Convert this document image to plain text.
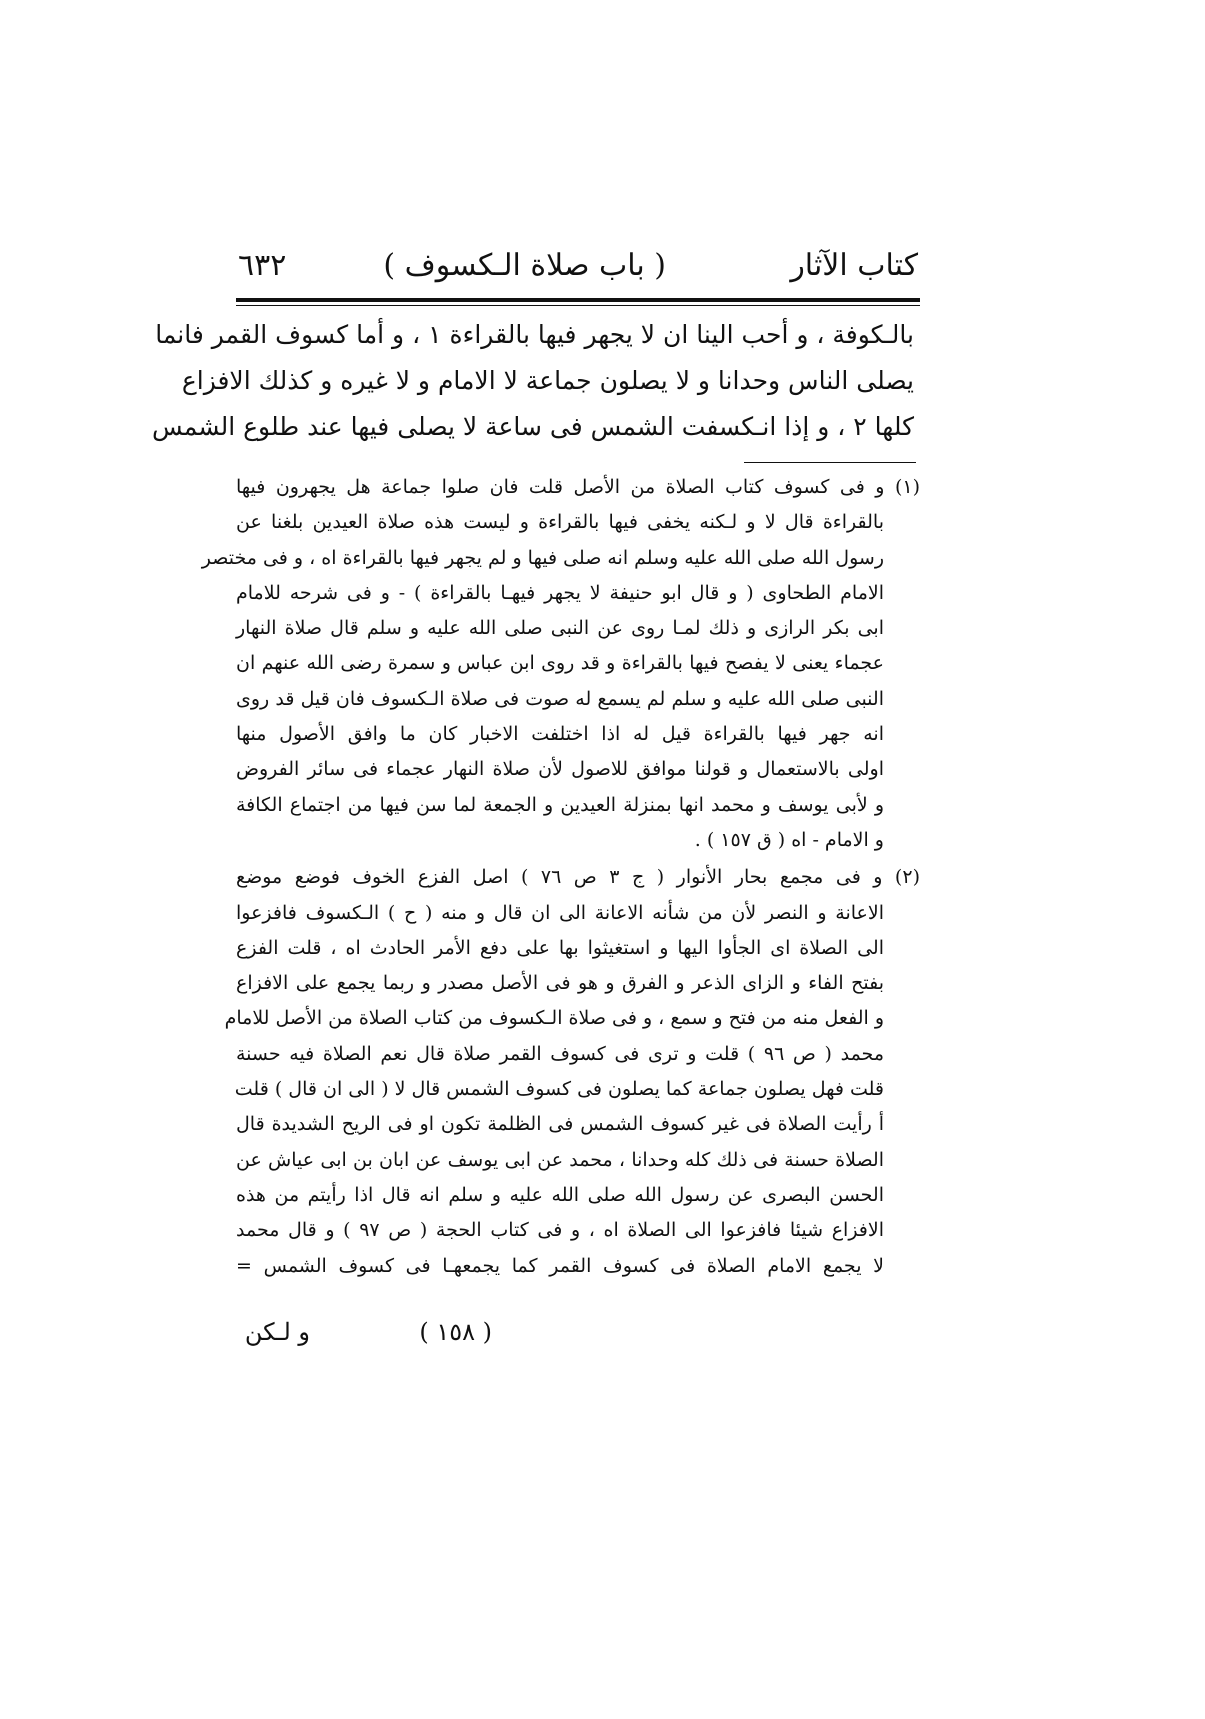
كتاب الآثار
( باب صلاة الـكسوف )
٦٣٢
بالـكوفة ، و أحب الينا ان لا يجهر فيها بالقراءة ١ ، و أما كسوف القمر فانما
يصلى الناس وحدانا و لا يصلون جماعة لا الامام و لا غيره و كذلك الافزاع
كلها ٢ ، و إذا انـكسفت الشمس فى ساعة لا يصلى فيها عند طلوع الشمس
(١) و فى كسوف كتاب الصلاة من الأصل قلت فان صلوا جماعة هل يجهرون فيها
بالقراءة قال لا و لـكنه يخفى فيها بالقراءة و ليست هذه صلاة العيدين بلغنا عن
رسول الله صلى الله عليه وسلم انه صلى فيها و لم يجهر فيها بالقراءة اه ، و فى مختصر
الامام الطحاوى ( و قال ابو حنيفة لا يجهر فيهـا بالقراءة ) - و فى شرحه للامام
ابى بكر الرازى و ذلك لمـا روى عن النبى صلى الله عليه و سلم قال صلاة النهار
عجماء يعنى لا يفصح فيها بالقراءة و قد روى ابن عباس و سمرة رضى الله عنهم ان
النبى صلى الله عليه و سلم لم يسمع له صوت فى صلاة الـكسوف فان قيل قد روى
انه جهر فيها بالقراءة قيل له اذا اختلفت الاخبار كان ما وافق الأصول منها
اولى بالاستعمال و قولنا موافق للاصول لأن صلاة النهار عجماء فى سائر الفروض
و لأبى يوسف و محمد انها بمنزلة العيدين و الجمعة لما سن فيها من اجتماع الكافة
و الامام - اه ( ق ١٥٧ ) .
(٢) و فى مجمع بحار الأنوار ( ج ٣ ص ٧٦ ) اصل الفزع الخوف فوضع موضع
الاعانة و النصر لأن من شأنه الاعانة الى ان قال و منه ( ح ) الـكسوف فافزعوا
الى الصلاة اى الجأوا اليها و استغيثوا بها على دفع الأمر الحادث اه ، قلت الفزع
بفتح الفاء و الزاى الذعر و الفرق و هو فى الأصل مصدر و ربما يجمع على الافزاع
و الفعل منه من فتح و سمع ، و فى صلاة الـكسوف من كتاب الصلاة من الأصل للامام
محمد ( ص ٩٦ ) قلت و ترى فى كسوف القمر صلاة قال نعم الصلاة فيه حسنة
قلت فهل يصلون جماعة كما يصلون فى كسوف الشمس قال لا ( الى ان قال ) قلت
أ رأيت الصلاة فى غير كسوف الشمس فى الظلمة تكون او فى الريح الشديدة قال
الصلاة حسنة فى ذلك كله وحدانا ، محمد عن ابى يوسف عن ابان بن ابى عياش عن
الحسن البصرى عن رسول الله صلى الله عليه و سلم انه قال اذا رأيتم من هذه
الافزاع شيئا فافزعوا الى الصلاة اه ، و فى كتاب الحجة ( ص ٩٧ ) و قال محمد
لا يجمع الامام الصلاة فى كسوف القمر كما يجمعهـا فى كسوف الشمس =
( ١٥٨ )
و لـكن
